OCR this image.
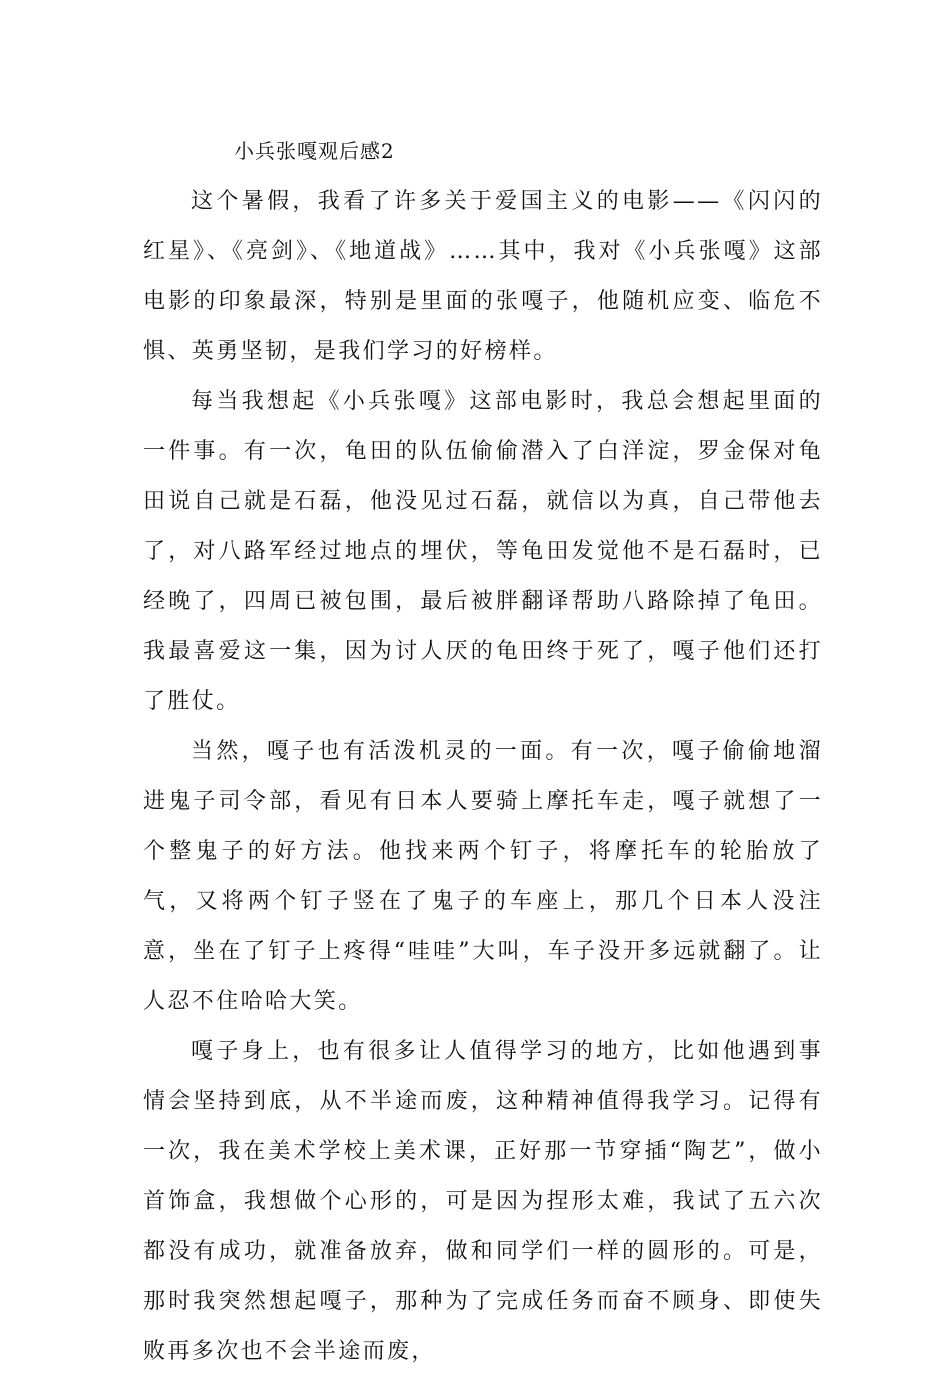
小兵张嘎观后感2

这个暑假，我看了许多关于爱国主义的电影——《闪闪的红星》、《亮剑》、《地道战》……其中，我对《小兵张嘎》这部电影的印象最深，特别是里面的张嘎子，他随机应变、临危不惧、英勇坚韧，是我们学习的好榜样。

每当我想起《小兵张嘎》这部电影时，我总会想起里面的一件事。有一次，龟田的队伍偷偷潜入了白洋淀，罗金保对龟田说自己就是石磊，他没见过石磊，就信以为真，自己带他去了，对八路军经过地点的埋伏，等龟田发觉他不是石磊时，已经晚了，四周已被包围，最后被胖翻译帮助八路除掉了龟田。我最喜爱这一集，因为讨人厌的龟田终于死了，嘎子他们还打了胜仗。

当然，嘎子也有活泼机灵的一面。有一次，嘎子偷偷地溜进鬼子司令部，看见有日本人要骑上摩托车走，嘎子就想了一个整鬼子的好方法。他找来两个钉子，将摩托车的轮胎放了气，又将两个钉子竖在了鬼子的车座上，那几个日本人没注意，坐在了钉子上疼得“哇哇”大叫，车子没开多远就翻了。让人忍不住哈哈大笑。

嘎子身上，也有很多让人值得学习的地方，比如他遇到事情会坚持到底，从不半途而废，这种精神值得我学习。记得有一次，我在美术学校上美术课，正好那一节穿插“陶艺”，做小首饰盒，我想做个心形的，可是因为捏形太难，我试了五六次都没有成功，就准备放弃，做和同学们一样的圆形的。可是，那时我突然想起嘎子，那种为了完成任务而奋不顾身、即使失败再多次也不会半途而废，
